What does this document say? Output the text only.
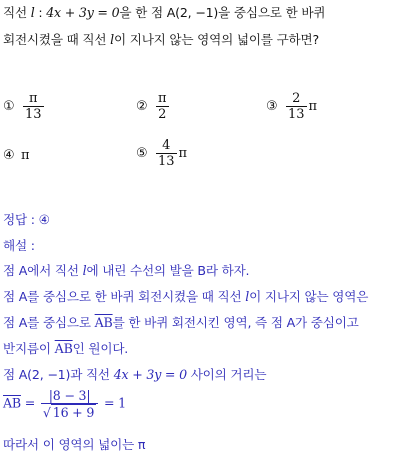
직선 l : 4x + 3y = 0을 한 점 A(2, −1)을 중심으로 한 바퀴
회전시켰을 때 직선 l이 지나지 않는 영역의 넓이를 구하면?
① $\frac{\pi}{13}$	② $\frac{\pi}{2}$	③ $\frac{2}{13}$ π
④ π	⑤ $\frac{4}{13}$ π
정답 : ④
해설 :
점 A에서 직선 l에 내린 수선의 발을 B라 하자.
점 A를 중심으로 한 바퀴 회전시켰을 때 직선 l이 지나지 않는 영역은
점 A를 중심으로 $\overline{AB}$를 한 바퀴 회전시킨 영역, 즉 점 A가 중심이고
반지름이 $\overline{AB}$인 원이다.
점 A(2, −1)과 직선 4x + 3y = 0 사이의 거리는
$\overline{AB} = \frac{|8 - 3|}{√ 16 + 9} = 1$
따라서 이 영역의 넓이는 π
